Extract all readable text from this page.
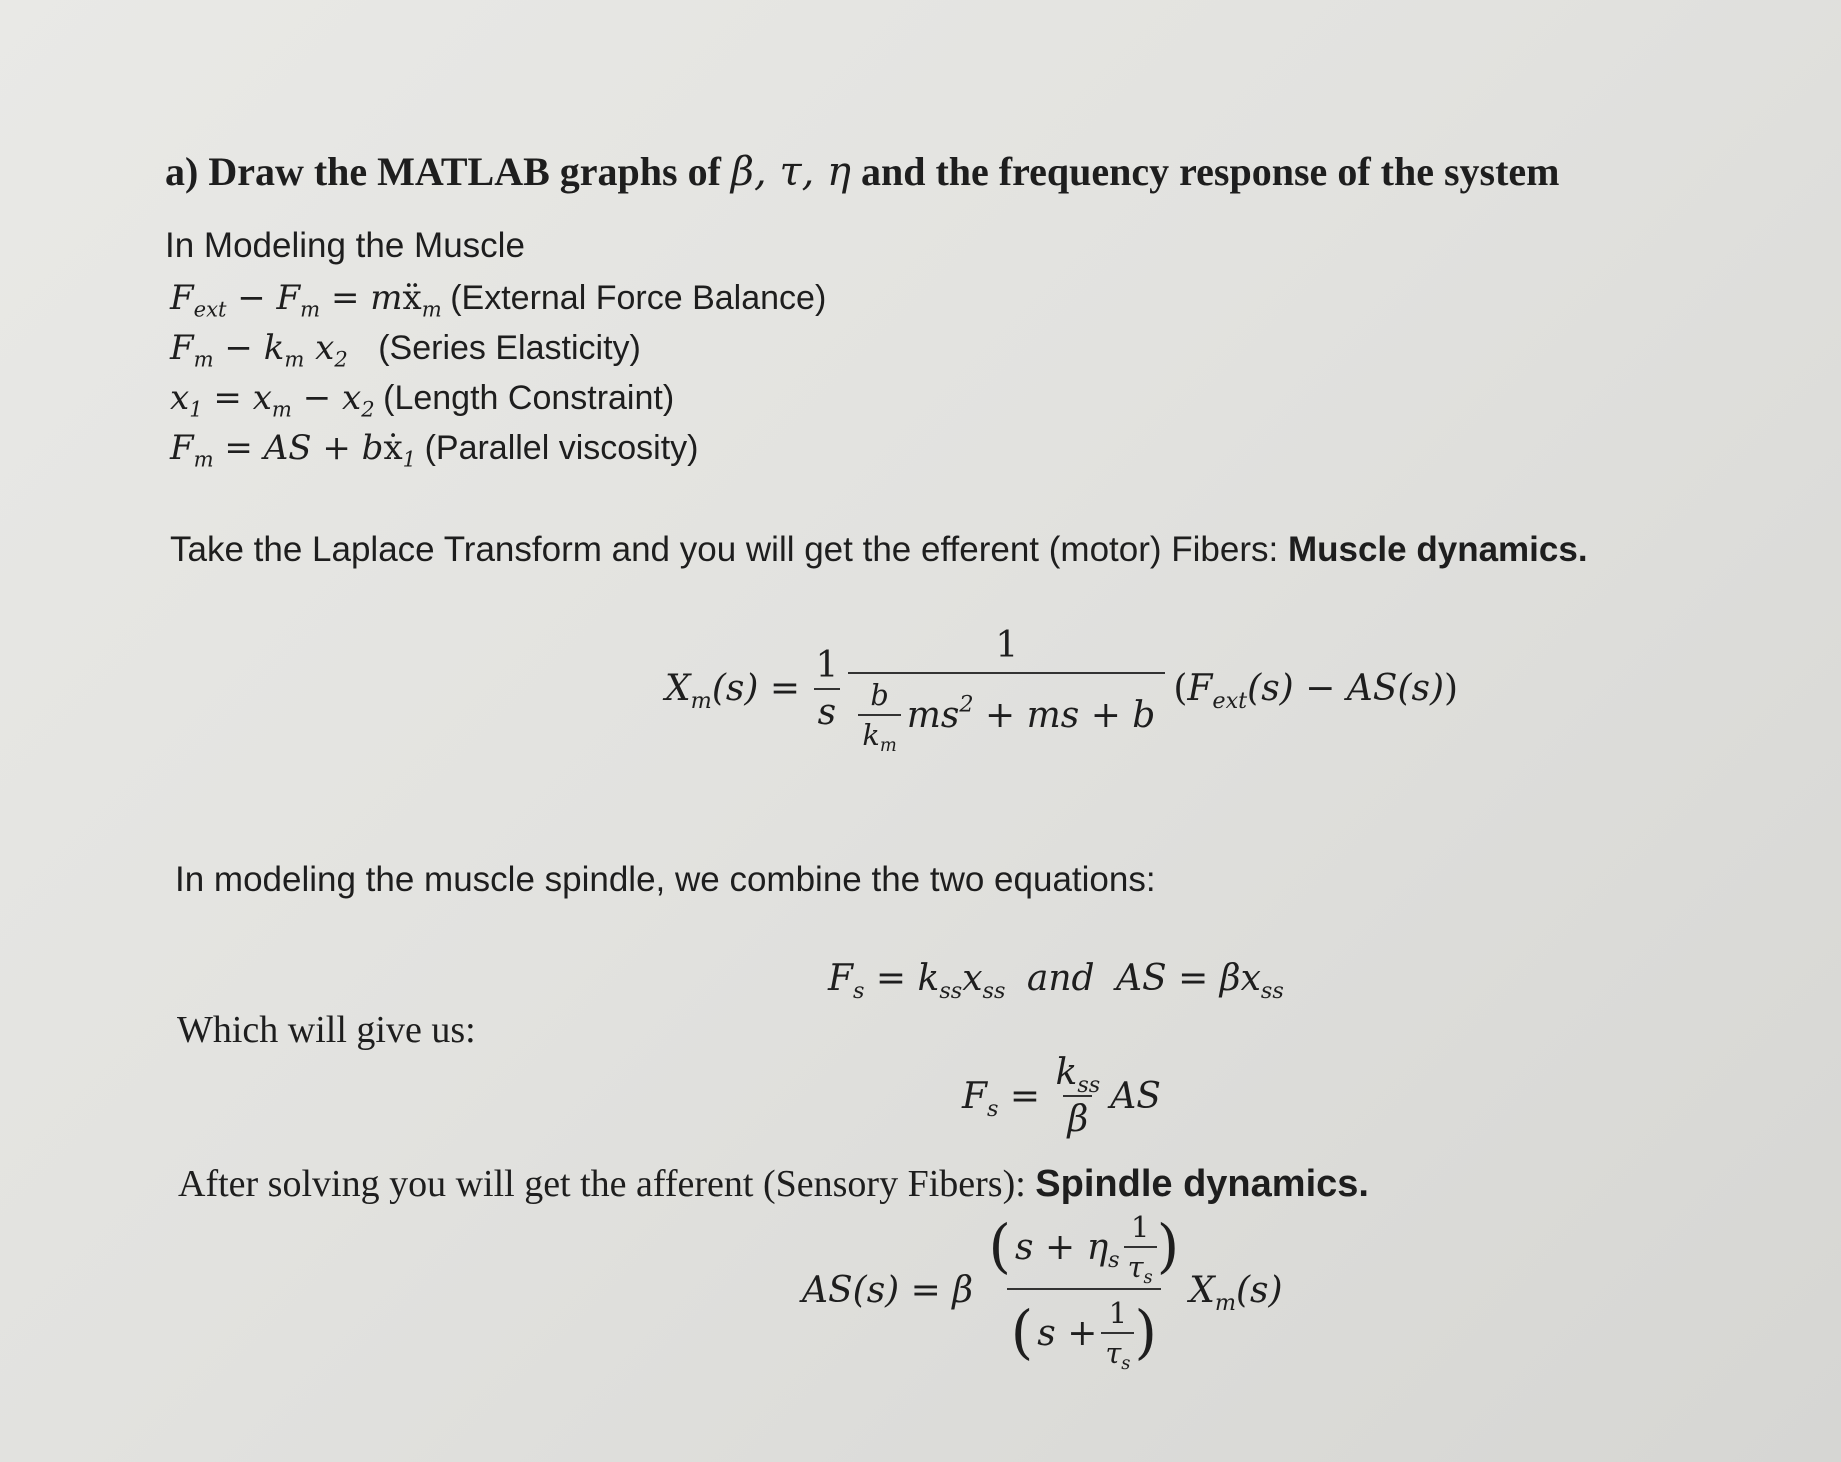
a) Draw the MATLAB graphs of β, τ, η and the frequency response of the system
In Modeling the Muscle
$F_{ext} - F_m$ = mẍ$_m$ (External Force Balance)
$F_m - k_m$ $x_2$ (Series Elasticity)
$x_1 = x_m - x_2$ (Length Constraint)
$F_m$ = AS + bẋ$_1$ (Parallel viscosity)
Take the Laplace Transform and you will get the efferent (motor) Fibers: Muscle dynamics.
$X_m(s) = \frac{1}{s} \frac{1}{\frac{b}{k_m} ms^2 + ms + b} (F_{ext}(s) - AS(s))$
In modeling the muscle spindle, we combine the two equations:
$F_s = k_{ss}x_{ss}$ and AS = $\beta x_{ss}$
Which will give us:
$F_s = \frac{k_{ss}}{\beta}$ AS
After solving you will get the afferent (Sensory Fibers): Spindle dynamics.
AS(s) = β $\frac{( s + \eta_s \frac{1}{\tau_s} )}{( s + \frac{1}{\tau_s} )} X_m(s)$
